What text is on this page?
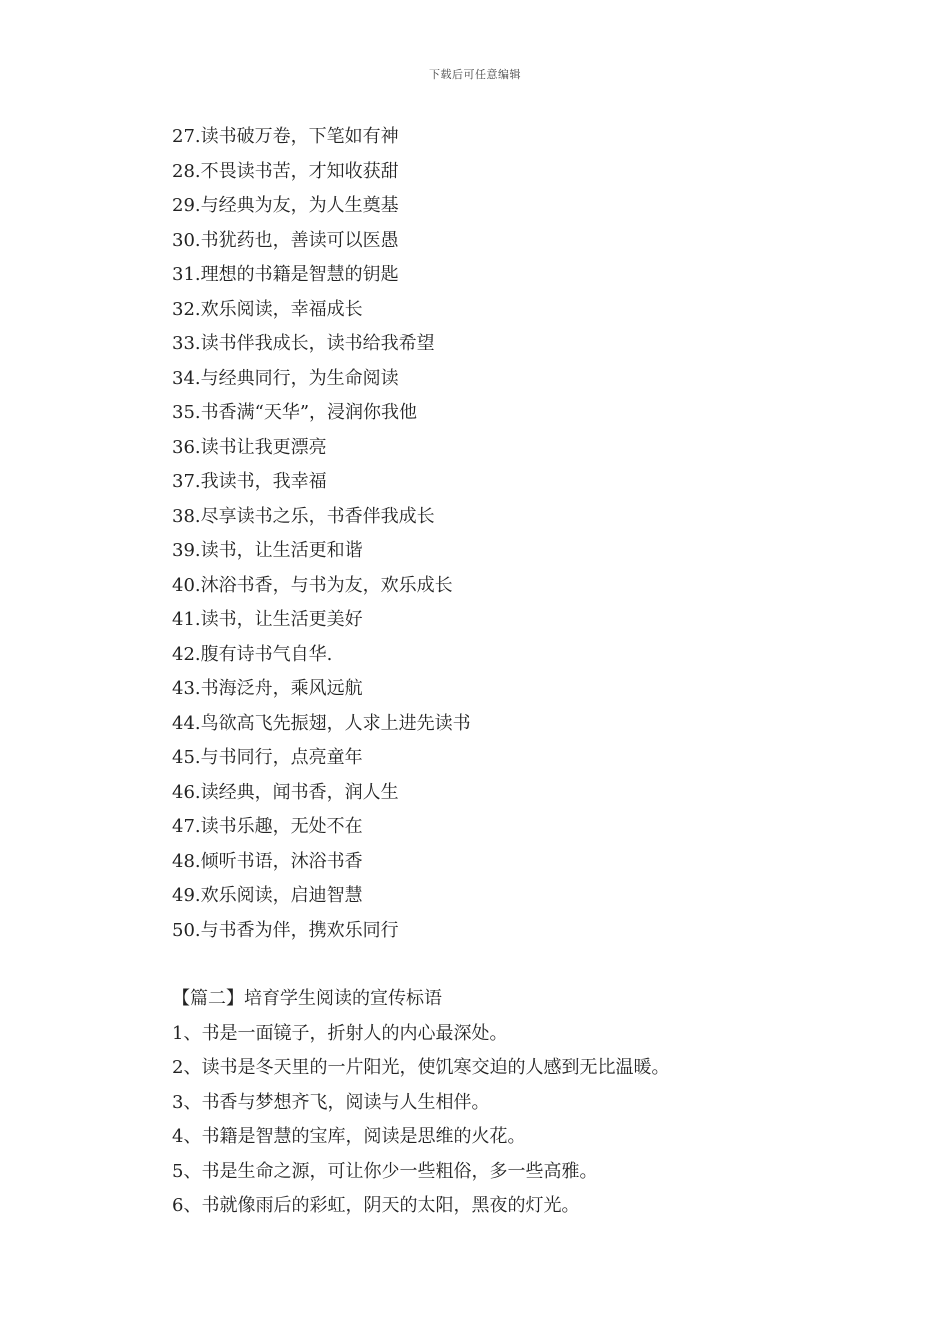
下载后可任意编辑
27.读书破万卷，下笔如有神
28.不畏读书苦，才知收获甜
29.与经典为友，为人生奠基
30.书犹药也，善读可以医愚
31.理想的书籍是智慧的钥匙
32.欢乐阅读，幸福成长
33.读书伴我成长，读书给我希望
34.与经典同行，为生命阅读
35.书香满“天华”，浸润你我他
36.读书让我更漂亮
37.我读书，我幸福
38.尽享读书之乐，书香伴我成长
39.读书，让生活更和谐
40.沐浴书香，与书为友，欢乐成长
41.读书，让生活更美好
42.腹有诗书气自华.
43.书海泛舟，乘风远航
44.鸟欲高飞先振翅，人求上进先读书
45.与书同行，点亮童年
46.读经典，闻书香，润人生
47.读书乐趣，无处不在
48.倾听书语，沐浴书香
49.欢乐阅读，启迪智慧
50.与书香为伴，携欢乐同行
【篇二】培育学生阅读的宣传标语
1、书是一面镜子，折射人的内心最深处。
2、读书是冬天里的一片阳光，使饥寒交迫的人感到无比温暖。
3、书香与梦想齐飞，阅读与人生相伴。
4、书籍是智慧的宝库，阅读是思维的火花。
5、书是生命之源，可让你少一些粗俗，多一些高雅。
6、书就像雨后的彩虹，阴天的太阳，黑夜的灯光。
